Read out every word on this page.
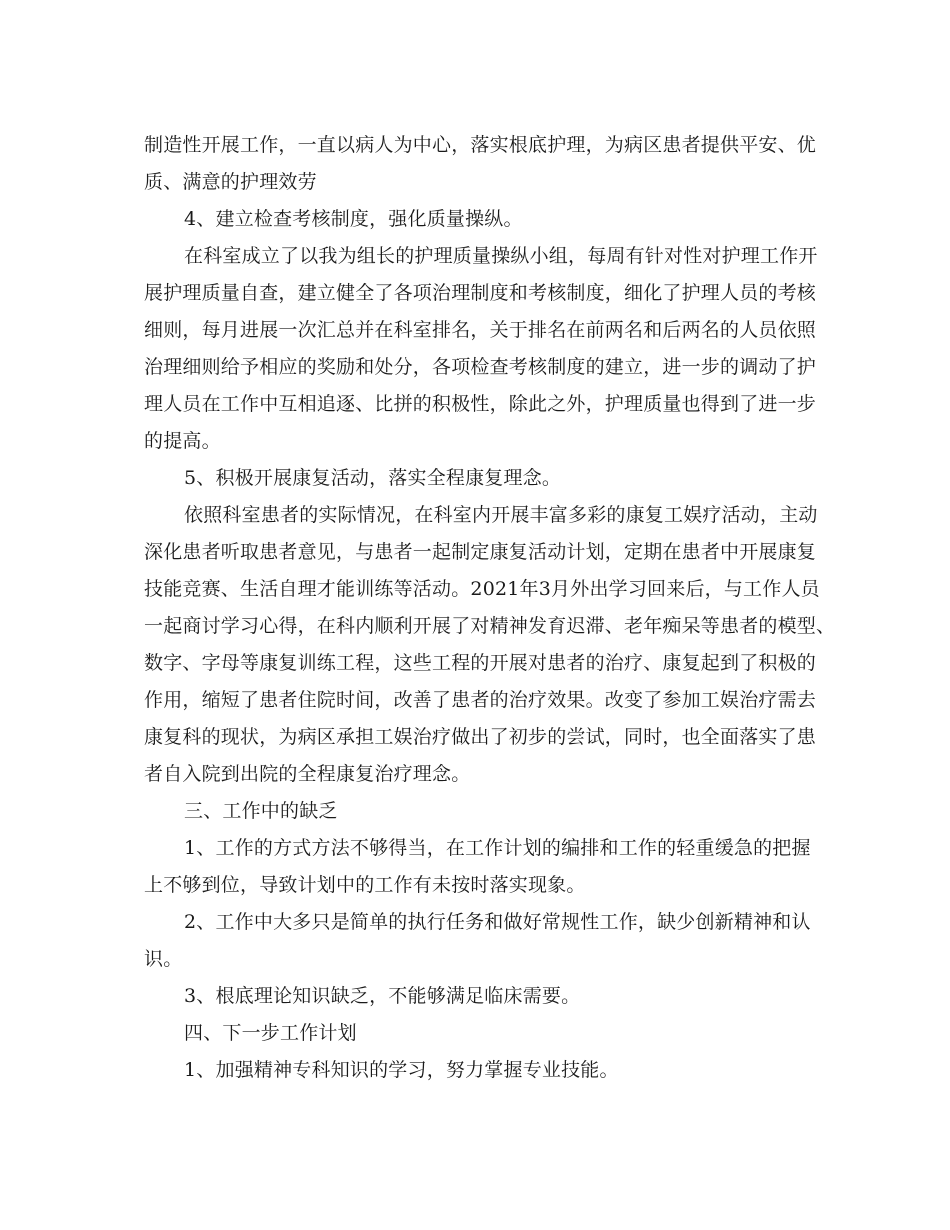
制造性开展工作，一直以病人为中心，落实根底护理，为病区患者提供平安、优
质、满意的护理效劳
4、建立检查考核制度，强化质量操纵。
在科室成立了以我为组长的护理质量操纵小组，每周有针对性对护理工作开
展护理质量自查，建立健全了各项治理制度和考核制度，细化了护理人员的考核
细则，每月进展一次汇总并在科室排名，关于排名在前两名和后两名的人员依照
治理细则给予相应的奖励和处分，各项检查考核制度的建立，进一步的调动了护
理人员在工作中互相追逐、比拼的积极性，除此之外，护理质量也得到了进一步
的提高。
5、积极开展康复活动，落实全程康复理念。
依照科室患者的实际情况，在科室内开展丰富多彩的康复工娱疗活动，主动
深化患者听取患者意见，与患者一起制定康复活动计划，定期在患者中开展康复
技能竞赛、生活自理才能训练等活动。2021年3月外出学习回来后，与工作人员
一起商讨学习心得，在科内顺利开展了对精神发育迟滞、老年痴呆等患者的模型、
数字、字母等康复训练工程，这些工程的开展对患者的治疗、康复起到了积极的
作用，缩短了患者住院时间，改善了患者的治疗效果。改变了参加工娱治疗需去
康复科的现状，为病区承担工娱治疗做出了初步的尝试，同时，也全面落实了患
者自入院到出院的全程康复治疗理念。
三、工作中的缺乏
1、工作的方式方法不够得当，在工作计划的编排和工作的轻重缓急的把握
上不够到位，导致计划中的工作有未按时落实现象。
2、工作中大多只是简单的执行任务和做好常规性工作，缺少创新精神和认
识。
3、根底理论知识缺乏，不能够满足临床需要。
四、下一步工作计划
1、加强精神专科知识的学习，努力掌握专业技能。
